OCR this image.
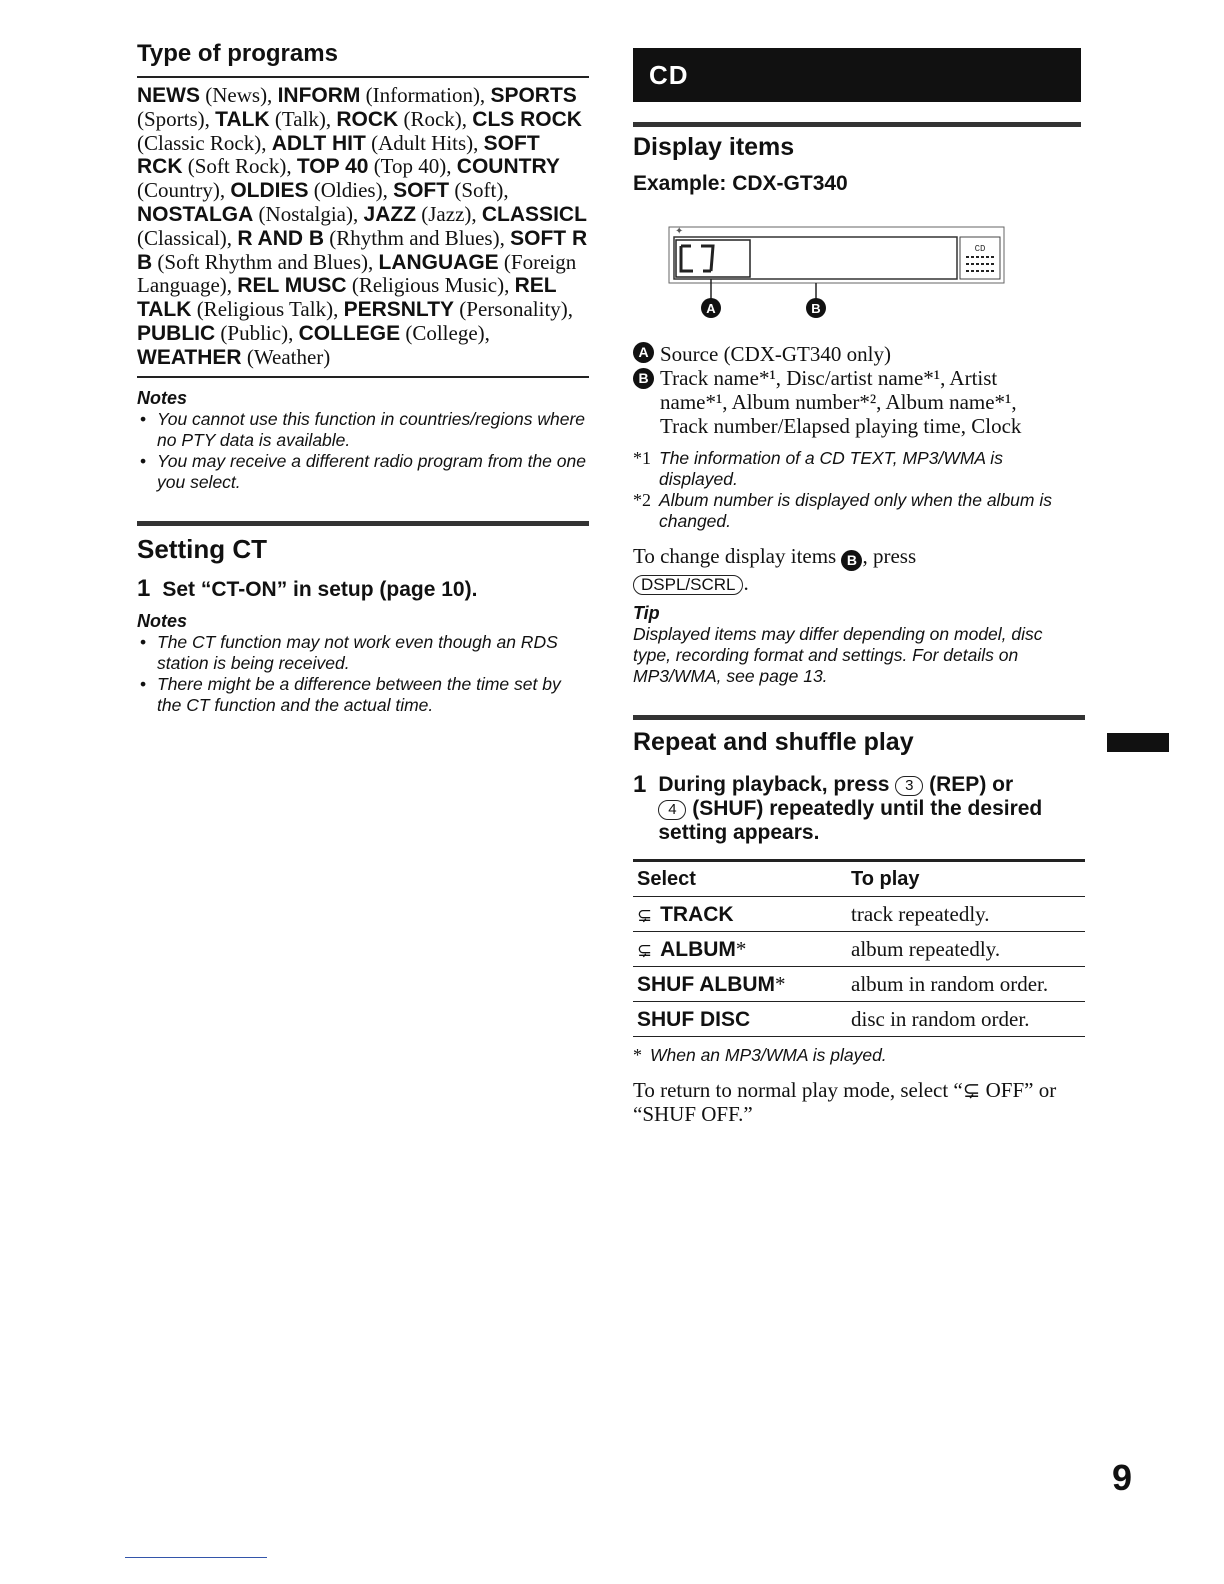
Type of programs

NEWS (News), INFORM (Information), SPORTS (Sports), TALK (Talk), ROCK (Rock), CLS ROCK (Classic Rock), ADLT HIT (Adult Hits), SOFT RCK (Soft Rock), TOP 40 (Top 40), COUNTRY (Country), OLDIES (Oldies), SOFT (Soft), NOSTALGA (Nostalgia), JAZZ (Jazz), CLASSICL (Classical), R AND B (Rhythm and Blues), SOFT R B (Soft Rhythm and Blues), LANGUAGE (Foreign Language), REL MUSC (Religious Music), REL TALK (Religious Talk), PERSNLTY (Personality), PUBLIC (Public), COLLEGE (College), WEATHER (Weather)

Notes

• You cannot use this function in countries/regions where no PTY data is available.
• You may receive a different radio program from the one you select.
Setting CT
1 Set “CT-ON” in setup (page 10).

Notes

• The CT function may not work even though an RDS station is being received.
• There might be a difference between the time set by the CT function and the actual time.
CD
Display items
Example: CDX-GT340
CD
✦
A	B
A Source (CDX-GT340 only)
B Track name*¹, Disc/artist name*¹, Artist name*¹, Album number*², Album name*¹, Track number/Elapsed playing time, Clock
*1 The information of a CD TEXT, MP3/WMA is displayed.
*2 Album number is displayed only when the album is changed.
To change display items B , press
DSPL/SCRL .

Tip

Displayed items may differ depending on model, disc type, recording format and settings. For details on MP3/WMA, see page 13.
Repeat and shuffle play
1 During playback, press 3 (REP) or
4 (SHUF) repeatedly until the desired setting appears.
Select	To play
⊊ TRACK	track repeatedly.
⊊ ALBUM*	album repeatedly.
SHUF ALBUM*	album in random order.
SHUF DISC	disc in random order.
* When an MP3/WMA is played.
To return to normal play mode, select “⊊ OFF” or “SHUF OFF.”
9
